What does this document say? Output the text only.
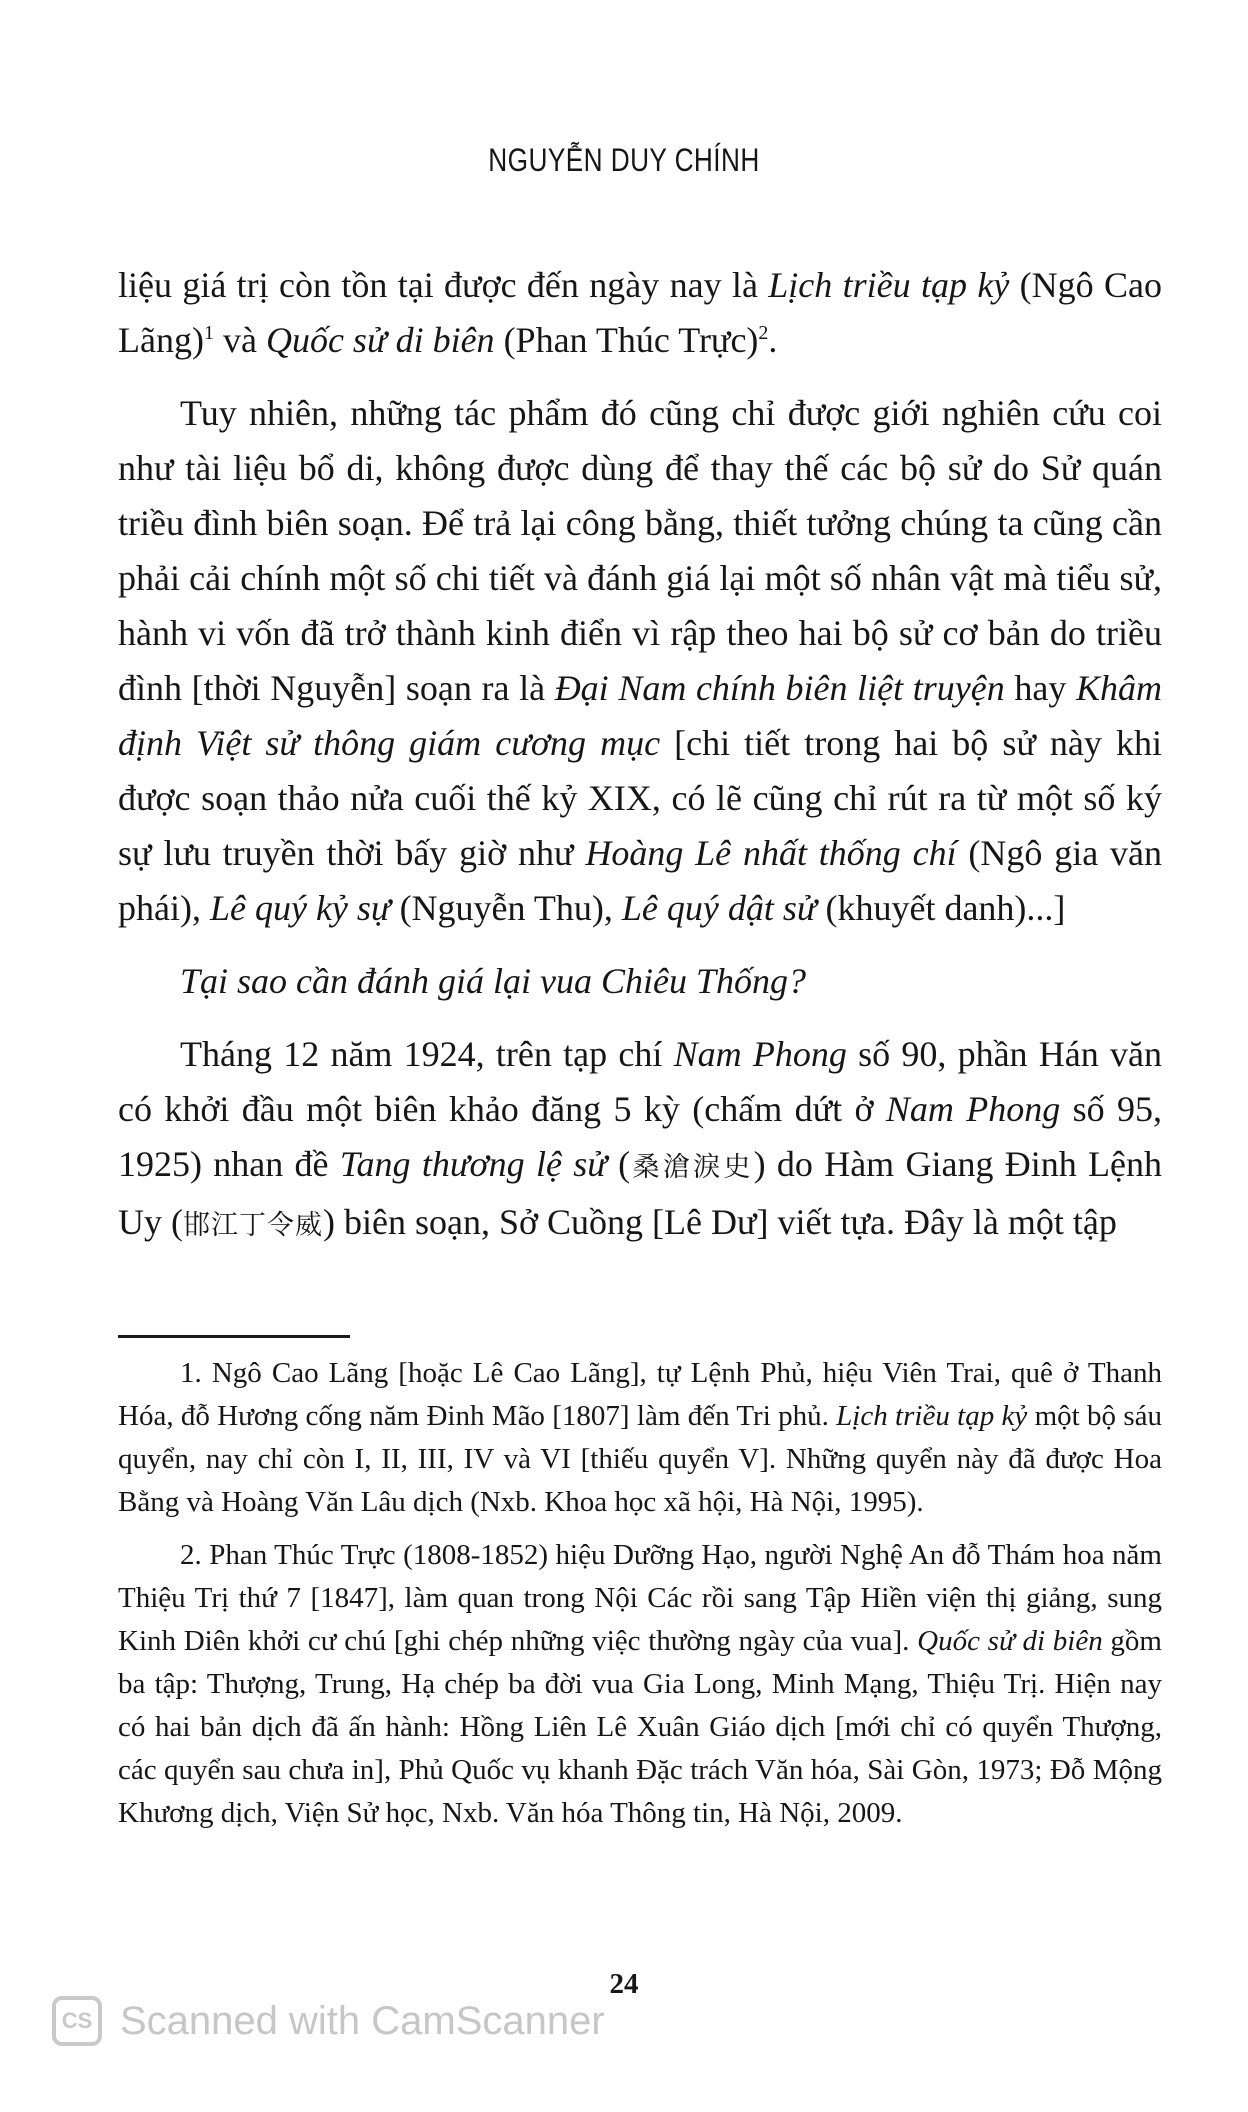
NGUYỄN DUY CHÍNH

liệu giá trị còn tồn tại được đến ngày nay là Lịch triều tạp kỷ (Ngô Cao Lãng)$^1$ và Quốc sử di biên (Phan Thúc Trực)$^2$.

Tuy nhiên, những tác phẩm đó cũng chỉ được giới nghiên cứu coi như tài liệu bổ di, không được dùng để thay thế các bộ sử do Sử quán triều đình biên soạn. Để trả lại công bằng, thiết tưởng chúng ta cũng cần phải cải chính một số chi tiết và đánh giá lại một số nhân vật mà tiểu sử, hành vi vốn đã trở thành kinh điển vì rập theo hai bộ sử cơ bản do triều đình [thời Nguyễn] soạn ra là Đại Nam chính biên liệt truyện hay Khâm định Việt sử thông giám cương mục [chi tiết trong hai bộ sử này khi được soạn thảo nửa cuối thế kỷ XIX, có lẽ cũng chỉ rút ra từ một số ký sự lưu truyền thời bấy giờ như Hoàng Lê nhất thống chí (Ngô gia văn phái), Lê quý kỷ sự (Nguyễn Thu), Lê quý dật sử (khuyết danh)...]

Tại sao cần đánh giá lại vua Chiêu Thống?

Tháng 12 năm 1924, trên tạp chí Nam Phong số 90, phần Hán văn có khởi đầu một biên khảo đăng 5 kỳ (chấm dứt ở Nam Phong số 95, 1925) nhan đề Tang thương lệ sử (桑滄淚史) do Hàm Giang Đinh Lệnh Uy (邯江丁令威) biên soạn, Sở Cuồng [Lê Dư] viết tựa. Đây là một tập

1. Ngô Cao Lãng [hoặc Lê Cao Lãng], tự Lệnh Phủ, hiệu Viên Trai, quê ở Thanh Hóa, đỗ Hương cống năm Đinh Mão [1807] làm đến Tri phủ. Lịch triều tạp kỷ một bộ sáu quyển, nay chỉ còn I, II, III, IV và VI [thiếu quyển V]. Những quyển này đã được Hoa Bằng và Hoàng Văn Lâu dịch (Nxb. Khoa học xã hội, Hà Nội, 1995).

2. Phan Thúc Trực (1808-1852) hiệu Dưỡng Hạo, người Nghệ An đỗ Thám hoa năm Thiệu Trị thứ 7 [1847], làm quan trong Nội Các rồi sang Tập Hiền viện thị giảng, sung Kinh Diên khởi cư chú [ghi chép những việc thường ngày của vua]. Quốc sử di biên gồm ba tập: Thượng, Trung, Hạ chép ba đời vua Gia Long, Minh Mạng, Thiệu Trị. Hiện nay có hai bản dịch đã ấn hành: Hồng Liên Lê Xuân Giáo dịch [mới chỉ có quyển Thượng, các quyển sau chưa in], Phủ Quốc vụ khanh Đặc trách Văn hóa, Sài Gòn, 1973; Đỗ Mộng Khương dịch, Viện Sử học, Nxb. Văn hóa Thông tin, Hà Nội, 2009.

24
CS Scanned with CamScanner
